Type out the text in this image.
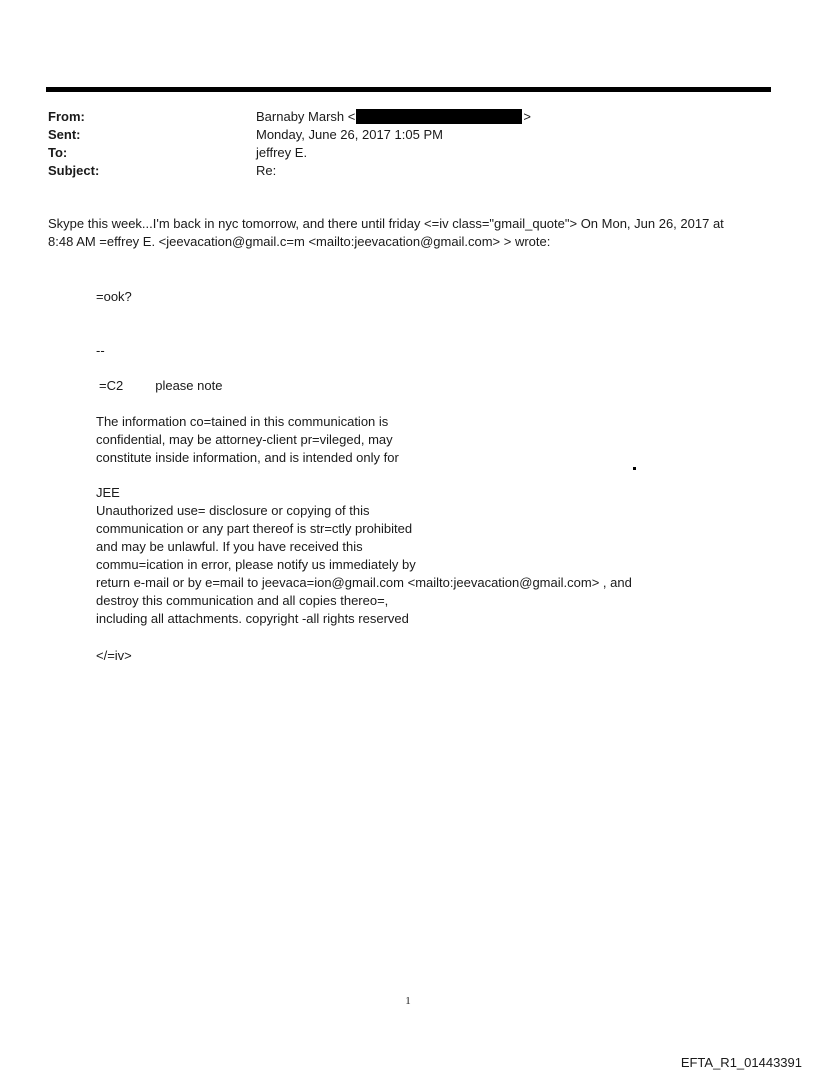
From:	Barnaby Marsh <	>
Sent:	Monday, June 26, 2017 1:05 PM
To:	jeffrey E.
Subject:	Re:
Skype this week...I'm back in nyc tomorrow, and there until friday <=iv class="gmail_quote"> On Mon, Jun 26, 2017 at
8:48 AM =effrey E. <jeevacation@gmail.c=m <mailto:jeevacation@gmail.com> > wrote:
=ook?
--
=C2 please note
The information co=tained in this communication is
confidential, may be attorney-client pr=vileged, may
constitute inside information, and is intended only for
JEE
Unauthorized use= disclosure or copying of this
communication or any part thereof is str=ctly prohibited
and may be unlawful. If you have received this
commu=ication in error, please notify us immediately by
return e-mail or by e=mail to jeevaca=ion@gmail.com <mailto:jeevacation@gmail.com> , and
destroy this communication and all copies thereo=,
including all attachments. copyright -all rights reserved
</=iv>
1
EFTA_R1_01443391
